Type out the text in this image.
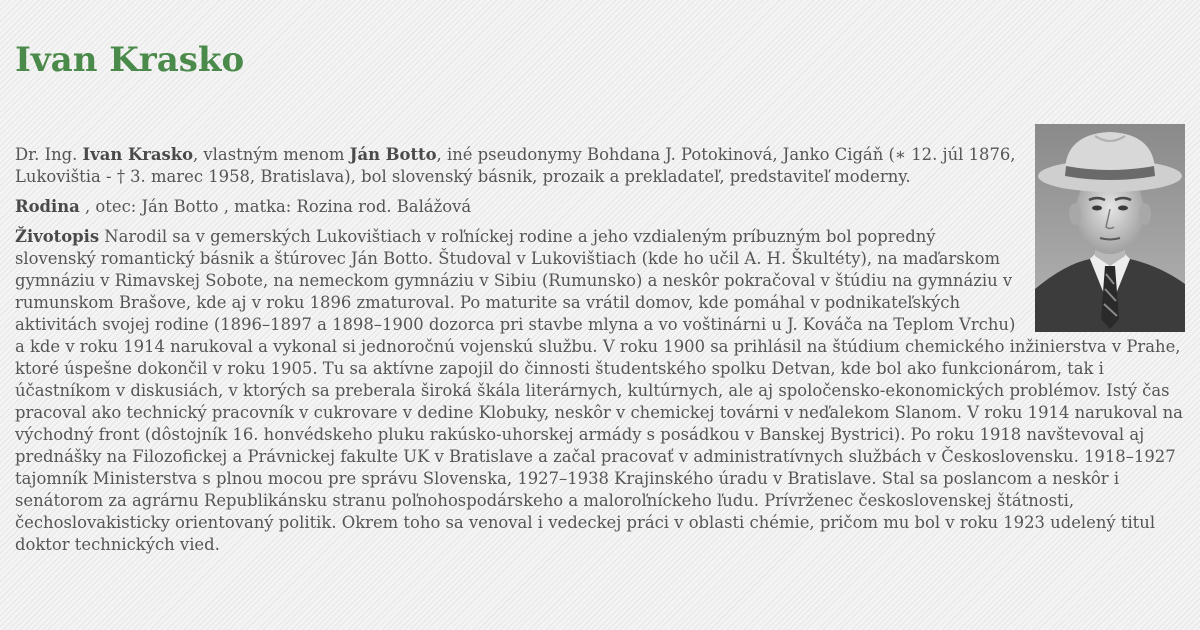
Ivan Krasko

Dr. Ing. Ivan Krasko, vlastným menom Ján Botto, iné pseudonymy Bohdana J. Potokinová, Janko Cigáň (∗ 12. júl 1876, Lukovištia - † 3. marec 1958, Bratislava), bol slovenský básnik, prozaik a prekladateľ, predstaviteľ moderny.

Rodina , otec: Ján Botto , matka: Rozina rod. Balážová

Životopis Narodil sa v gemerských Lukovištiach v roľníckej rodine a jeho vzdialeným príbuzným bol popredný slovenský romantický básnik a štúrovec Ján Botto. Študoval v Lukovištiach (kde ho učil A. H. Škultéty), na maďarskom gymnáziu v Rimavskej Sobote, na nemeckom gymnáziu v Sibiu (Rumunsko) a neskôr pokračoval v štúdiu na gymnáziu v rumunskom Brašove, kde aj v roku 1896 zmaturoval. Po maturite sa vrátil domov, kde pomáhal v podnikateľských aktivitách svojej rodine (1896–1897 a 1898–1900 dozorca pri stavbe mlyna a vo voštinárni u J. Kováča na Teplom Vrchu) a kde v roku 1914 narukoval a vykonal si jednoročnú vojenskú službu. V roku 1900 sa prihlásil na štúdium chemického inžinierstva v Prahe, ktoré úspešne dokončil v roku 1905. Tu sa aktívne zapojil do činnosti študentského spolku Detvan, kde bol ako funkcionárom, tak i účastníkom v diskusiách, v ktorých sa preberala široká škála literárnych, kultúrnych, ale aj spoločensko-ekonomických problémov. Istý čas pracoval ako technický pracovník v cukrovare v dedine Klobuky, neskôr v chemickej továrni v neďalekom Slanom. V roku 1914 narukoval na východný front (dôstojník 16. honvédskeho pluku rakúsko-uhorskej armády s posádkou v Banskej Bystrici). Po roku 1918 navštevoval aj prednášky na Filozofickej a Právnickej fakulte UK v Bratislave a začal pracovať v administratívnych službách v Československu. 1918–1927 tajomník Ministerstva s plnou mocou pre správu Slovenska, 1927–1938 Krajinského úradu v Bratislave. Stal sa poslancom a neskôr i senátorom za agrárnu Republikánsku stranu poľnohospodárskeho a maloroľníckeho ľudu. Prívrženec československej štátnosti, čechoslovakisticky orientovaný politik. Okrem toho sa venoval i vedeckej práci v oblasti chémie, pričom mu bol v roku 1923 udelený titul doktor technických vied.
